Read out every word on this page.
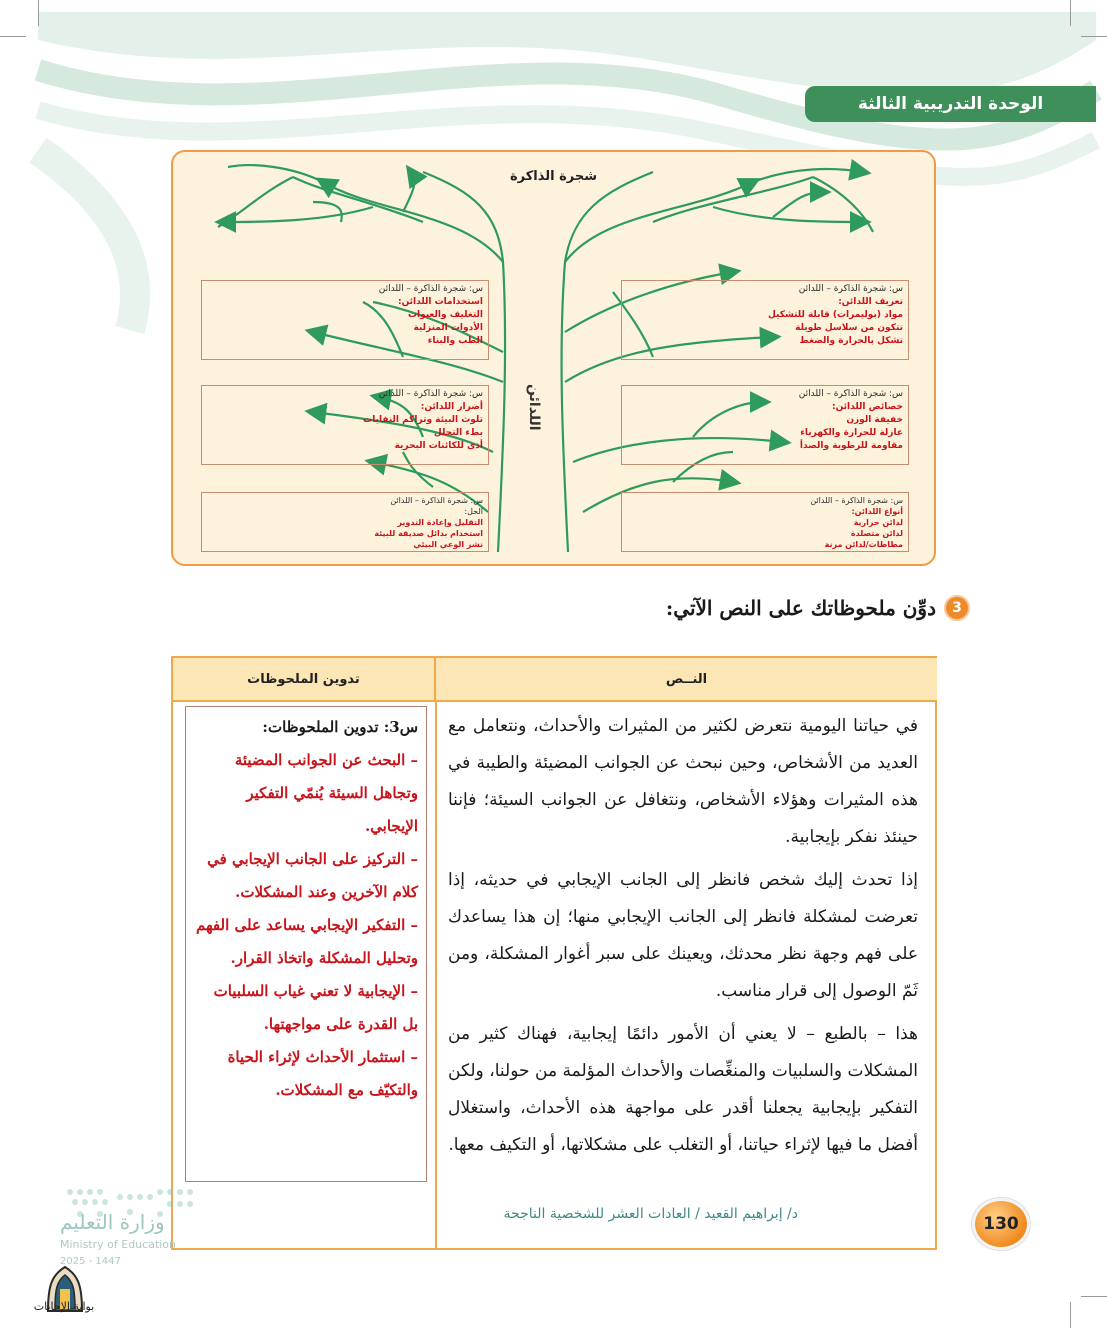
الوحدة التدريبية الثالثة
شجرة الذاكرة
اللدائن
س: شجرة الذاكرة – اللدائن
استخدامات اللدائن:
التغليف والعبوات
الأدوات المنزلية
الطب والبناء
س: شجرة الذاكرة – اللدائن
أضرار اللدائن:
تلوث البيئة وتراكم النفايات
بطء التحلل
أذى للكائنات البحرية
س: شجرة الذاكرة – اللدائن
الحل:
التقليل وإعادة التدوير
استخدام بدائل صديقة للبيئة
نشر الوعي البيئي
س: شجرة الذاكرة – اللدائن
تعريف اللدائن:
مواد (بوليمرات) قابلة للتشكيل
تتكون من سلاسل طويلة
تشكل بالحرارة والضغط
س: شجرة الذاكرة – اللدائن
خصائص اللدائن:
خفيفة الوزن
عازلة للحرارة والكهرباء
مقاومة للرطوبة والصدأ
س: شجرة الذاكرة – اللدائن
أنواع اللدائن:
لدائن حرارية
لدائن متصلدة
مطاطات/لدائن مرنة
3
دوِّن ملحوظاتك على النص الآتي:
النــص
تدوين الملحوظات

في حياتنا اليومية نتعرض لكثير من المثيرات والأحداث، ونتعامل مع العديد من الأشخاص، وحين نبحث عن الجوانب المضيئة والطيبة في هذه المثيرات وهؤلاء الأشخاص، ونتغافل عن الجوانب السيئة؛ فإننا حينئذ نفكر بإيجابية.

إذا تحدث إليك شخص فانظر إلى الجانب الإيجابي في حديثه، إذا تعرضت لمشكلة فانظر إلى الجانب الإيجابي منها؛ إن هذا يساعدك على فهم وجهة نظر محدثك، ويعينك على سبر أغوار المشكلة، ومن ثَمّ الوصول إلى قرار مناسب.

هذا – بالطبع – لا يعني أن الأمور دائمًا إيجابية، فهناك كثير من المشكلات والسلبيات والمنغِّصات والأحداث المؤلمة من حولنا، ولكن التفكير بإيجابية يجعلنا أقدر على مواجهة هذه الأحداث، واستغلال أفضل ما فيها لإثراء حياتنا، أو التغلب على مشكلاتها، أو التكيف معها.

د/ إبراهيم القعيد / العادات العشر للشخصية الناجحة
س3: تدوين الملحوظات:
– البحث عن الجوانب المضيئة وتجاهل السيئة يُنمّي التفكير الإيجابي.
– التركيز على الجانب الإيجابي في كلام الآخرين وعند المشكلات.
– التفكير الإيجابي يساعد على الفهم وتحليل المشكلة واتخاذ القرار.
– الإيجابية لا تعني غياب السلبيات بل القدرة على مواجهتها.
– استثمار الأحداث لإثراء الحياة والتكيّف مع المشكلات.
130
وزارة التعليم
Ministry of Education
2025 - 1447
بوابة الإجابات
